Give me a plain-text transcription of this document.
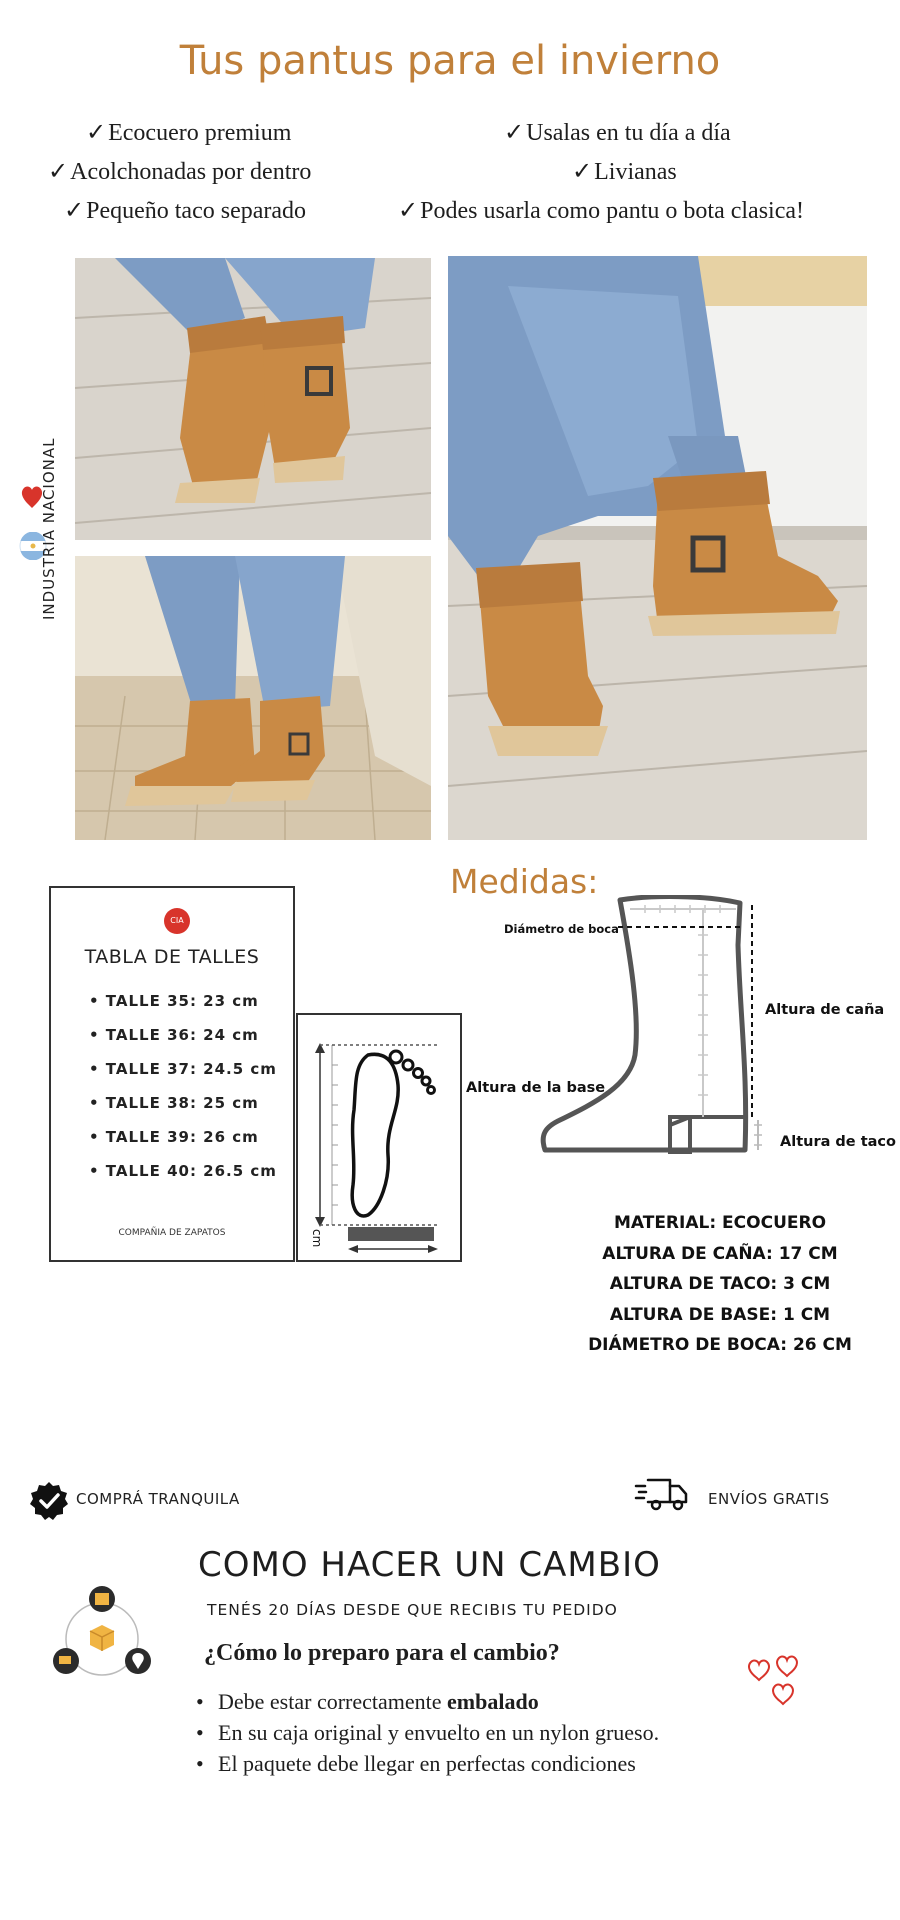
Tus pantus para el invierno
✓Ecocuero premium
✓Acolchonadas por dentro
✓Pequeño taco separado
✓Usalas en tu día a día
✓Livianas
✓Podes usarla como pantu o bota clasica!
INDUSTRIA NACIONAL
Medidas:
CIA
TABLA DE TALLES
• TALLE 35: 23 cm
• TALLE 36: 24 cm
• TALLE 37: 24.5 cm
• TALLE 38: 25 cm
• TALLE 39: 26 cm
• TALLE 40: 26.5 cm
COMPAÑIA DE ZAPATOS	cm
Diámetro de boca
Altura de caña
Altura de la base
Altura de taco
MATERIAL: ECOCUERO
ALTURA DE CAÑA: 17 CM
ALTURA DE TACO: 3 CM
ALTURA DE BASE: 1 CM
DIÁMETRO DE BOCA: 26 CM
COMPRÁ TRANQUILA	ENVÍOS GRATIS
COMO HACER UN CAMBIO
TENÉS 20 DÍAS DESDE QUE RECIBIS TU PEDIDO
¿Cómo lo preparo para el cambio?
• Debe estar correctamente embalado
• En su caja original y envuelto en un nylon grueso.
• El paquete debe llegar en perfectas condiciones
